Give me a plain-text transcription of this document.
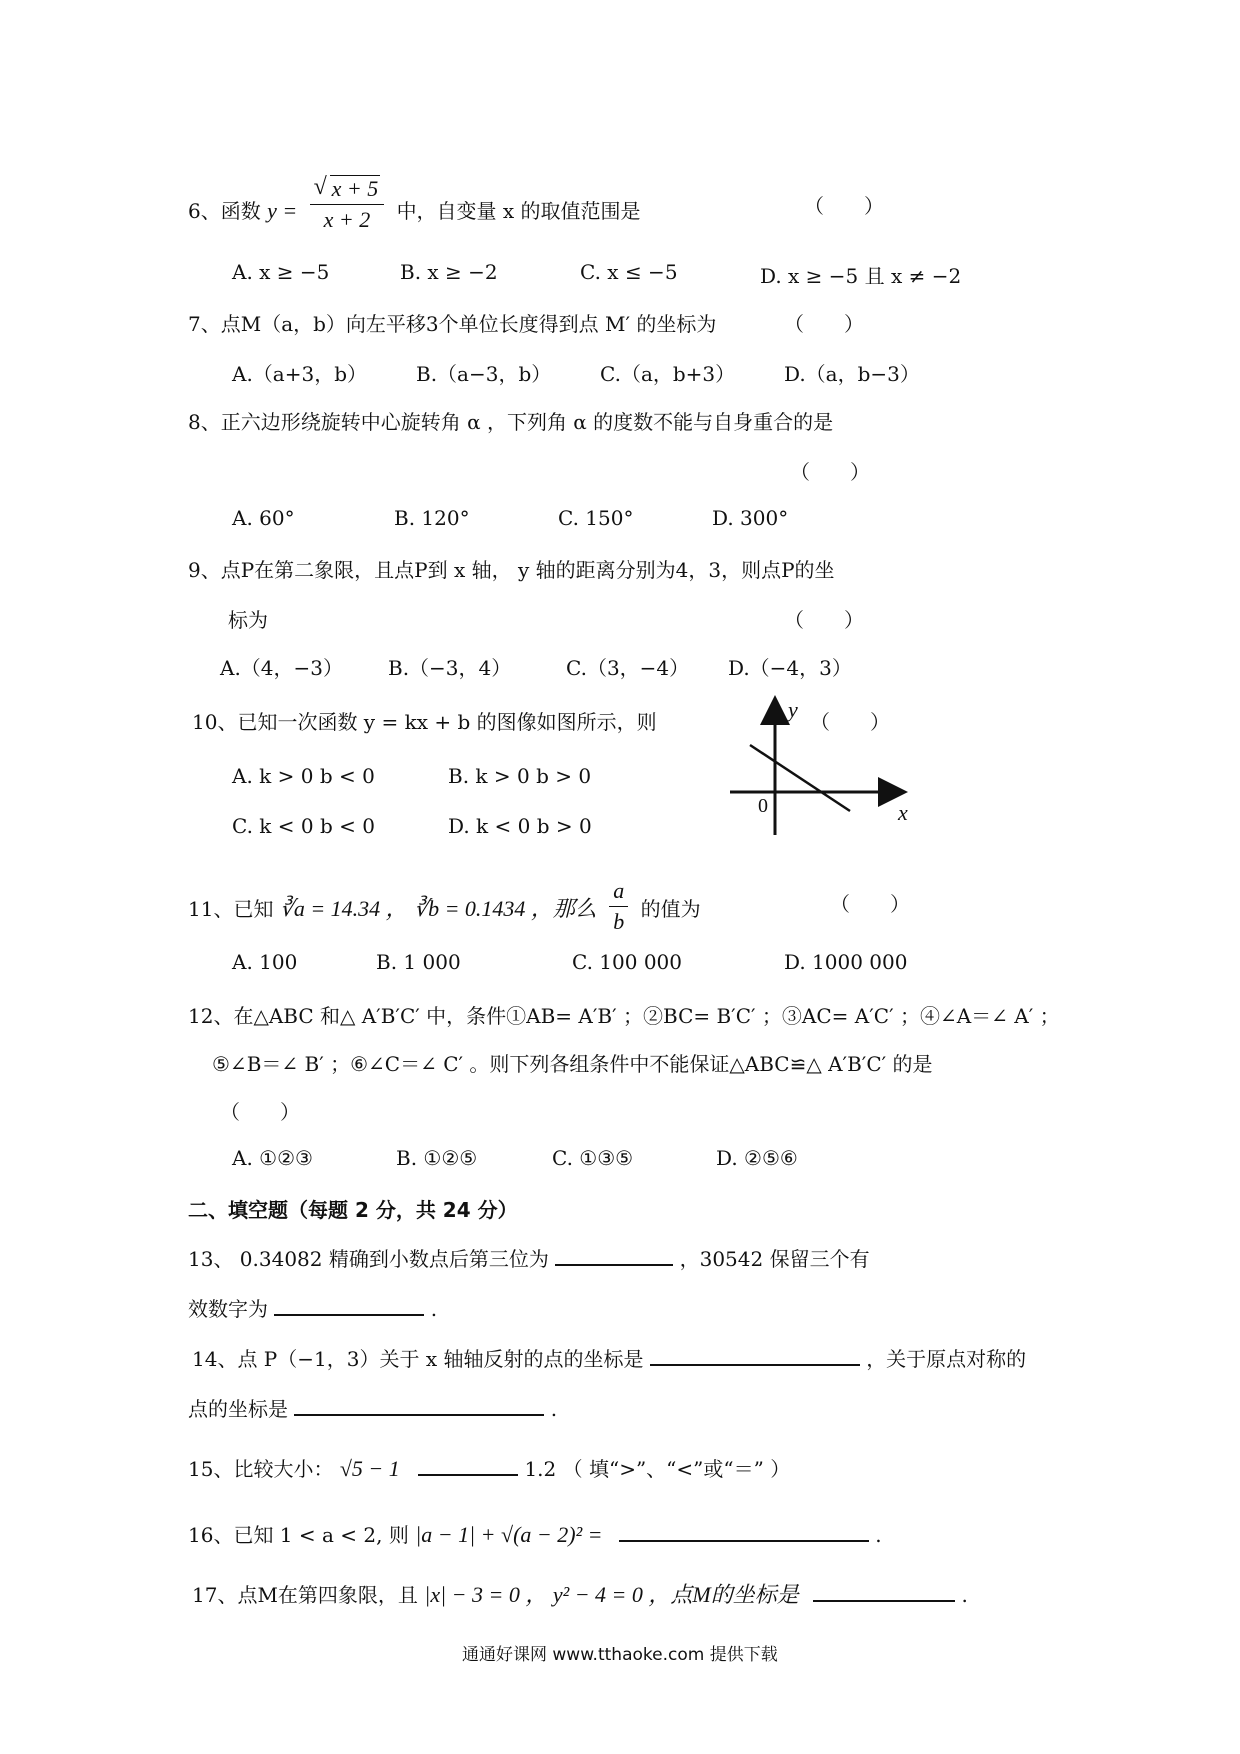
6、函数 y =
√ $\frac{x + 5}{x + 2}$ 中，自变量 x 的取值范围是	（　　）
A. x ≥ −5	B. x ≥ −2	C. x ≤ −5	D. x ≥ −5 且 x ≠ −2
7、点M（a，b）向左平移3个单位长度得到点 M′ 的坐标为	（　　）
A.（a+3，b） B.（a−3，b） C.（a，b+3） D.（a，b−3）
8、正六边形绕旋转中心旋转角 α ，下列角 α 的度数不能与自身重合的是
（　　）
A. 60°	B. 120°	C. 150°	D. 300°
9、点P在第二象限，且点P到 x 轴， y 轴的距离分别为4，3，则点P的坐
标为	（　　）
A.（4，−3） B.（−3，4）	C.（3，−4） D.（−4，3）
10、已知一次函数 y = kx + b 的图像如图所示，则	（　　）
A. k > 0 b < 0	B. k > 0 b > 0
C. k < 0 b < 0	D. k < 0 b > 0
y
x
0
11、已知 ∛a = 14.34 ， ∛b = 0.1434 ，那么 $\frac{a}{b}$ 的值为	（　　）
A. 100	B. 1 000	C. 100 000	D. 1000 000
12、在△ABC 和△ A′B′C′ 中，条件①AB= A′B′ ；②BC= B′C′ ；③AC= A′C′ ；④∠A＝∠ A′ ；
⑤∠B＝∠ B′ ；⑥∠C＝∠ C′ 。则下列各组条件中不能保证△ABC≌△ A′B′C′ 的是
（　　）
A. ①②③	B. ①②⑤	C. ①③⑤	D. ②⑤⑥
二、填空题（每题 2 分，共 24 分）
13、 0.34082 精确到小数点后第三位为	，30542 保留三个有
效数字为	.
14、点 P（−1，3）关于 x 轴轴反射的点的坐标是	，关于原点对称的
点的坐标是	.
15、比较大小： √5 − 1	1.2 （ 填“>”、“<”或“＝” ）
16、已知 1 < a < 2, 则 |a − 1| + √(a − 2)² =	.
17、点M在第四象限，且 |x| − 3 = 0 ， y² − 4 = 0 ，点M的坐标是	.
通通好课网 www.tthaoke.com 提供下载
